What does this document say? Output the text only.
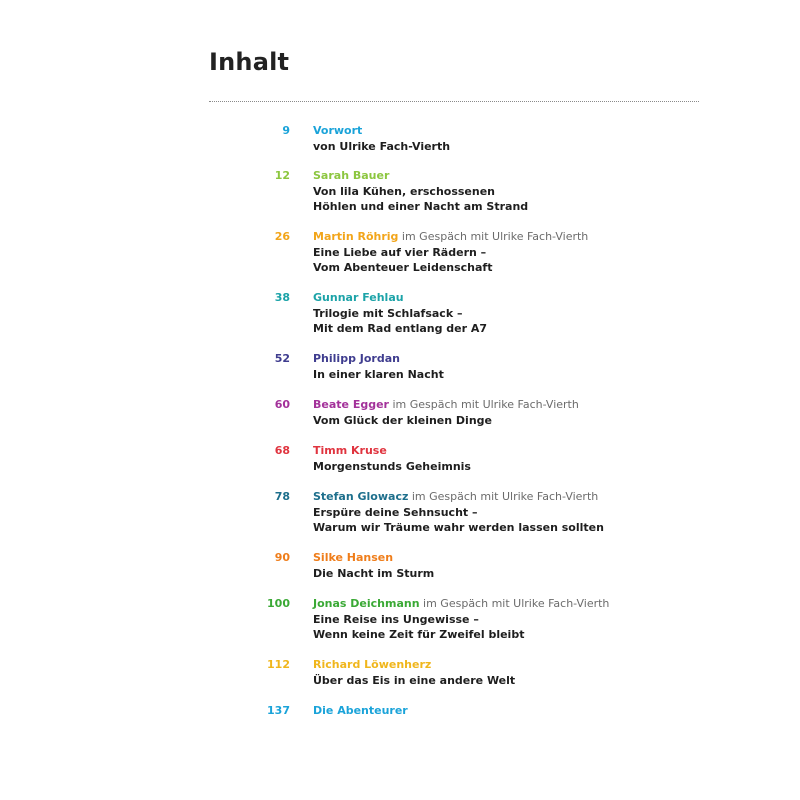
Inhalt
9 Vorwort
von Ulrike Fach-Vierth
12 Sarah Bauer
Von lila Kühen, erschossenen
Höhlen und einer Nacht am Strand
26 Martin Röhrig im Gespäch mit Ulrike Fach-Vierth
Eine Liebe auf vier Rädern –
Vom Abenteuer Leidenschaft
38 Gunnar Fehlau
Trilogie mit Schlafsack –
Mit dem Rad entlang der A7
52 Philipp Jordan
In einer klaren Nacht
60 Beate Egger im Gespäch mit Ulrike Fach-Vierth
Vom Glück der kleinen Dinge
68 Timm Kruse
Morgenstunds Geheimnis
78 Stefan Glowacz im Gespäch mit Ulrike Fach-Vierth
Erspüre deine Sehnsucht –
Warum wir Träume wahr werden lassen sollten
90 Silke Hansen
Die Nacht im Sturm
100 Jonas Deichmann im Gespäch mit Ulrike Fach-Vierth
Eine Reise ins Ungewisse –
Wenn keine Zeit für Zweifel bleibt
112 Richard Löwenherz
Über das Eis in eine andere Welt
137 Die Abenteurer
